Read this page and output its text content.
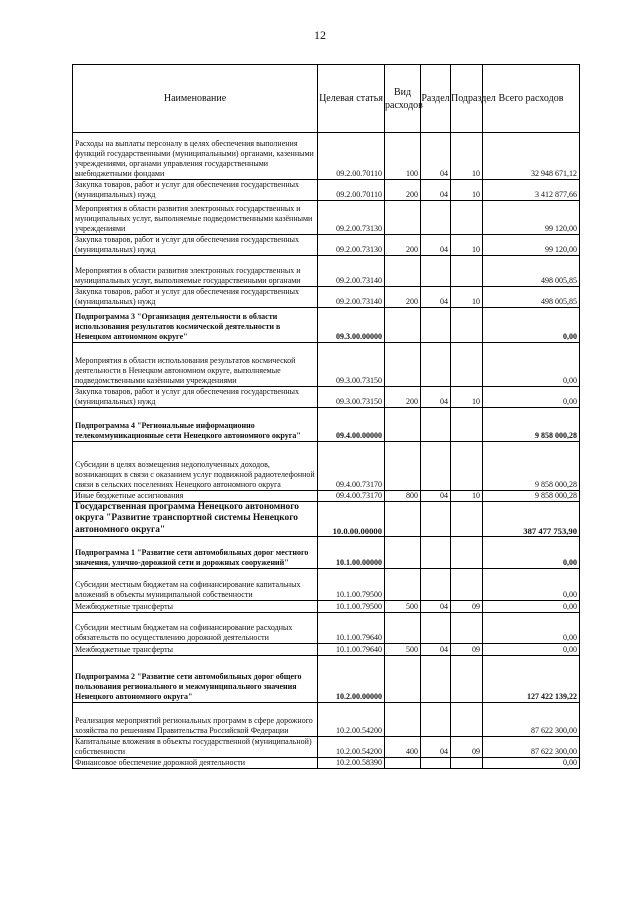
12
Наименование	Целевая статья	Вид расходов	Раздел	Подраздел	Всего расходов
Расходы на выплаты персоналу в целях обеспечения выполнения функций государственными (муниципальными) органами, казенными учреждениями, органами управления государственными внебюджетными фондами	09.2.00.70110	100	04	10	32 948 671,12
Закупка товаров, работ и услуг для обеспечения государственных (муниципальных) нужд	09.2.00.70110	200	04	10	3 412 877,66
Мероприятия в области развития электронных государственных и муниципальных услуг, выполняемые подведомственными казёнными учреждениями	09.2.00.73130				99 120,00
Закупка товаров, работ и услуг для обеспечения государственных (муниципальных) нужд	09.2.00.73130	200	04	10	99 120,00
Мероприятия в области развития электронных государственных и муниципальных услуг, выполняемые государственными органами	09.2.00.73140				498 005,85
Закупка товаров, работ и услуг для обеспечения государственных (муниципальных) нужд	09.2.00.73140	200	04	10	498 005,85
Подпрограмма 3 "Организация деятельности в области использования результатов космической деятельности в Ненецком автономном округе"	09.3.00.00000				0,00
Мероприятия в области использования результатов космической деятельности в Ненецком автономном округе, выполняемые подведомственными казёнными учреждениями	09.3.00.73150				0,00
Закупка товаров, работ и услуг для обеспечения государственных (муниципальных) нужд	09.3.00.73150	200	04	10	0,00
Подпрограмма 4 "Региональные информационно телекоммуникационные сети Ненецкого автономного округа"	09.4.00.00000				9 858 000,28
Субсидии в целях возмещения недополученных доходов, возникающих в связи с оказанием услуг подвижной радиотелефонной связи в сельских поселениях Ненецкого автономного округа	09.4.00.73170				9 858 000,28
Иные бюджетные ассигнования	09.4.00.73170	800	04	10	9 858 000,28
Государственная программа Ненецкого автономного округа "Развитие транспортной системы Ненецкого автономного округа"	10.0.00.00000				387 477 753,90
Подпрограмма 1 "Развитие сети автомобильных дорог местного значения, улично-дорожной сети и дорожных сооружений"	10.1.00.00000				0,00
Субсидии местным бюджетам на софинансирование капитальных вложений в объекты муниципальной собственности	10.1.00.79500				0,00
Межбюджетные трансферты	10.1.00.79500	500	04	09	0,00
Субсидии местным бюджетам на софинансирование расходных обязательств по осуществлению дорожной деятельности	10.1.00.79640				0,00
Межбюджетные трансферты	10.1.00.79640	500	04	09	0,00
Подпрограмма 2 "Развитие сети автомобильных дорог общего пользования регионального и межмуниципального значения Ненецкого автономного округа"	10.2.00.00000				127 422 139,22
Реализация мероприятий региональных программ в сфере дорожного хозяйства по решениям Правительства Российской Федерации	10.2.00.54200				87 622 300,00
Капитальные вложения в объекты государственной (муниципальной) собственности	10.2.00.54200	400	04	09	87 622 300,00
Финансовое обеспечение дорожной деятельности	10.2.00.58390				0,00
